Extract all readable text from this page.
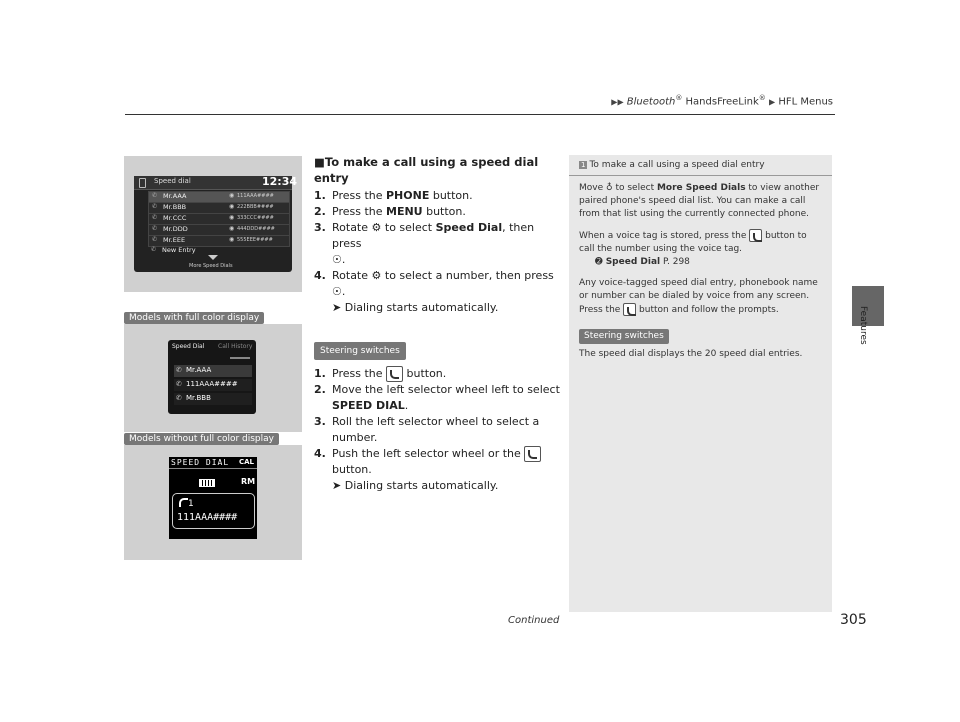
▶▶ Bluetooth® HandsFreeLink® ▶ HFL Menus
Features
Speed dial	12:34
✆ Mr.AAA	◉ 111AAA####
✆ Mr.BBB	◉ 222BBB####
✆ Mr.CCC	◉ 333CCC####
✆ Mr.DDD	◉ 444DDD####
✆ Mr.EEE	◉ 555EEE####
✆ New Entry
More Speed Dials
Models with full color display
Speed Dial Call History
✆ Mr.AAA
✆ 111AAA####
✆ Mr.BBB
Models without full color display
SPEED DIAL CAL
RM
1
111AAA####
■To make a call using a speed dial entry
1. Press the PHONE button.
2. Press the MENU button.
3. Rotate ⚙ to select Speed Dial, then press
☉.
4. Rotate ⚙ to select a number, then press
☉.
➤ Dialing starts automatically.
Steering switches
1. Press the  button.
2. Move the left selector wheel left to select
SPEED DIAL.
3. Roll the left selector wheel to select a number.
4. Push the left selector wheel or the
button.
➤ Dialing starts automatically.
1 To make a call using a speed dial entry

Move ♁ to select More Speed Dials to view another paired phone's speed dial list. You can make a call from that list using the currently connected phone.

When a voice tag is stored, press the  button to call the number using the voice tag.
➋ Speed Dial P. 298

Any voice-tagged speed dial entry, phonebook name or number can be dialed by voice from any screen. Press the  button and follow the prompts.

Steering switches

The speed dial displays the 20 speed dial entries.

Continued	305
